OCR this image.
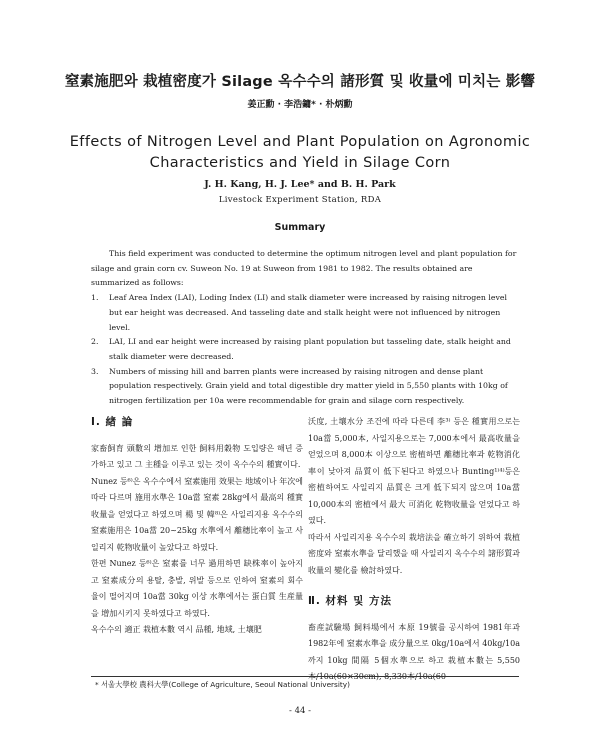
窒素施肥와 栽植密度가 Silage 옥수수의 諸形質 및 收量에 미치는 影響
姜正勳 · 李浩鏞* · 朴炳勳
Effects of Nitrogen Level and Plant Population on Agronomic
Characteristics and Yield in Silage Corn
J. H. Kang, H. J. Lee* and B. H. Park
Livestock Experiment Station, RDA
Summary

This field experiment was conducted to determine the optimum nitrogen level and plant population for silage and grain corn cv. Suweon No. 19 at Suweon from 1981 to 1982. The results obtained are summarized as follows:

1. Leaf Area Index (LAI), Loding Index (LI) and stalk diameter were increased by raising nitrogen level but ear height was decreased. And tasseling date and stalk height were not influenced by nitrogen level.
2. LAI, LI and ear height were increased by raising plant population but tasseling date, stalk height and stalk diameter were decreased.
3. Numbers of missing hill and barren plants were increased by raising nitrogen and dense plant population respectively. Grain yield and total digestible dry matter yield in 5,550 plants with 10kg of nitrogen fertilization per 10a were recommendable for grain and silage corn respectively.
Ⅰ. 緖 論

家畜飼育 頭數의 增加로 인한 飼料用穀物 도입량은 해년 증가하고 있고 그 主種을 이루고 있는 것이 옥수수의 種實이다.

Nunez 등⁶⁾은 옥수수에서 窒素施用 效果는 地域이나 年次에 따라 다르며 施用水準은 10a當 窒素 28kg에서 最高의 種實收量을 얻었다고 하였으며 楊 및 韓⁸⁾은 사일리지용 옥수수의 窒素施用은 10a當 20~25kg 水準에서 離穗比率이 높고 사일리지 乾物收量이 높았다고 하였다.

한편 Nunez 등⁶⁾은 窒素를 너무 過用하면 缺株率이 높아지고 窒素成分의 용탈, 충발, 위발 등으로 인하여 窒素의 회수율이 떨어지며 10a當 30kg 이상 水準에서는 蛋白質 生産量을 增加시키지 못하였다고 하였다.

옥수수의 適正 栽植本數 역시 品種, 地域, 土壤肥

沃度, 土壤水分 조건에 따라 다른데 李³⁾ 등은 種實用으로는 10a當 5,000本, 사일지용으로는 7,000本에서 最高收量을 얻었으며 8,000本 이상으로 密植하면 離穗比率과 乾物消化率이 낮아져 品質이 低下된다고 하였으나 Bunting¹⁾⁴⁾등은 密植하여도 사일리지 品質은 크게 低下되지 않으며 10a當 10,000本의 密植에서 最大 可消化 乾物收量을 얻었다고 하였다.

따라서 사일리지용 옥수수의 栽培法을 確立하기 위하여 栽植密度와 窒素水準을 달리했을 때 사일리지 옥수수의 諸形質과 收量의 變化를 檢討하였다.

Ⅱ. 材料 및 方法

畜産試驗場 飼料場에서 本原 19號를 공시하여 1981年과 1982年에 窒素水準을 成分量으로 0kg/10a에서 40kg/10a까지 10kg 間隔 5個水準으로 하고 栽植本數는 5,550 本/10a(60×30cm), 8,330本/10a(60

* 서울大學校 農科大學(College of Agriculture, Seoul National University)
- 44 -
